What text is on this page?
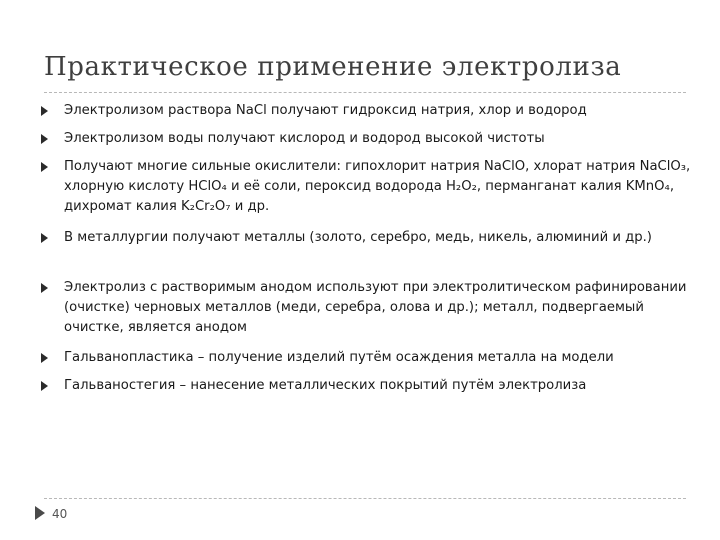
Практическое применение электролиза
Электролизом раствора NaCl получают гидроксид натрия, хлор и водород
Электролизом воды получают кислород и водород высокой чистоты
Получают многие сильные окислители: гипохлорит натрия NaClO, хлорат натрия NaClO₃, хлорную кислоту HClO₄ и её соли, пероксид водорода H₂O₂, перманганат калия KMnO₄, дихромат калия K₂Cr₂O₇ и др.
В металлургии получают металлы (золото, серебро, медь, никель, алюминий и др.)
Электролиз с растворимым анодом используют при электролитическом рафинировании (очистке) черновых металлов (меди, серебра, олова и др.); металл, подвергаемый очистке, является анодом
Гальванопластика – получение изделий путём осаждения металла на модели
Гальваностегия – нанесение металлических покрытий путём электролиза
40
